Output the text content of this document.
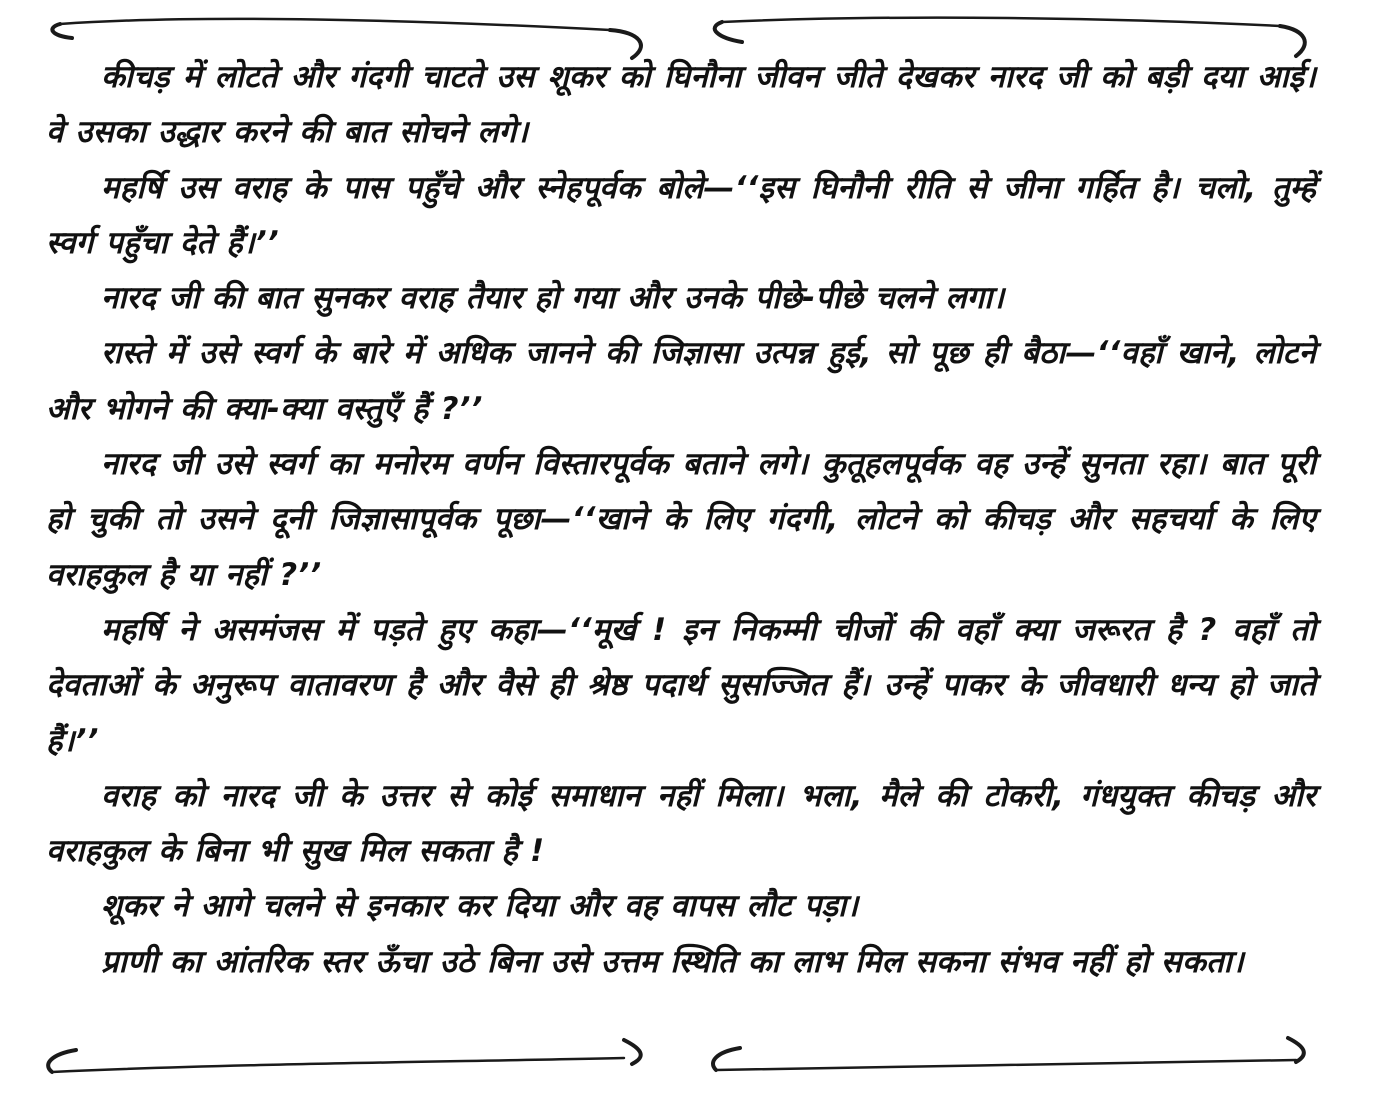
कीचड़ में लोटते और गंदगी चाटते उस शूकर को घिनौना जीवन जीते देखकर नारद जी को बड़ी दया आई। वे उसका उद्धार करने की बात सोचने लगे।

महर्षि उस वराह के पास पहुँचे और स्नेहपूर्वक बोले—‘‘इस घिनौनी रीति से जीना गर्हित है। चलो, तुम्हें स्वर्ग पहुँचा देते हैं।’’

नारद जी की बात सुनकर वराह तैयार हो गया और उनके पीछे-पीछे चलने लगा।

रास्ते में उसे स्वर्ग के बारे में अधिक जानने की जिज्ञासा उत्पन्न हुई, सो पूछ ही बैठा—‘‘वहाँ खाने, लोटने और भोगने की क्या-क्या वस्तुएँ हैं ?’’

नारद जी उसे स्वर्ग का मनोरम वर्णन विस्तारपूर्वक बताने लगे। कुतूहलपूर्वक वह उन्हें सुनता रहा। बात पूरी हो चुकी तो उसने दूनी जिज्ञासापूर्वक पूछा—‘‘खाने के लिए गंदगी, लोटने को कीचड़ और सहचर्या के लिए वराहकुल है या नहीं ?’’

महर्षि ने असमंजस में पड़ते हुए कहा—‘‘मूर्ख ! इन निकम्मी चीजों की वहाँ क्या जरूरत है ? वहाँ तो देवताओं के अनुरूप वातावरण है और वैसे ही श्रेष्ठ पदार्थ सुसज्जित हैं। उन्हें पाकर के जीवधारी धन्य हो जाते हैं।’’

वराह को नारद जी के उत्तर से कोई समाधान नहीं मिला। भला, मैले की टोकरी, गंधयुक्त कीचड़ और वराहकुल के बिना भी सुख मिल सकता है !

शूकर ने आगे चलने से इनकार कर दिया और वह वापस लौट पड़ा।

प्राणी का आंतरिक स्तर ऊँचा उठे बिना उसे उत्तम स्थिति का लाभ मिल सकना संभव नहीं हो सकता।
